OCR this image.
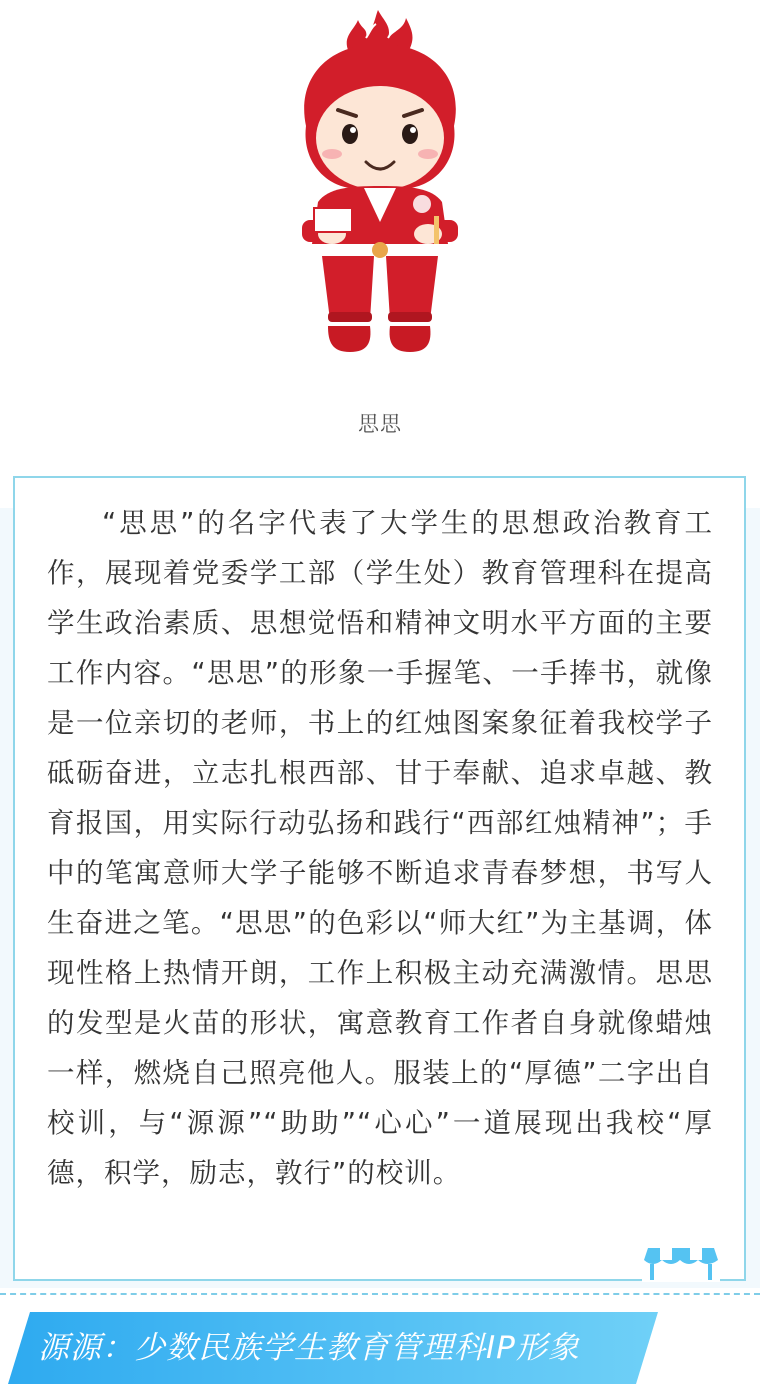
思思

“思思”的名字代表了大学生的思想政治教育工作，展现着党委学工部（学生处）教育管理科在提高学生政治素质、思想觉悟和精神文明水平方面的主要工作内容。“思思”的形象一手握笔、一手捧书，就像是一位亲切的老师，书上的红烛图案象征着我校学子砥砺奋进，立志扎根西部、甘于奉献、追求卓越、教育报国，用实际行动弘扬和践行“西部红烛精神”；手中的笔寓意师大学子能够不断追求青春梦想，书写人生奋进之笔。“思思”的色彩以“师大红”为主基调，体现性格上热情开朗，工作上积极主动充满激情。思思的发型是火苗的形状，寓意教育工作者自身就像蜡烛一样，燃烧自己照亮他人。服装上的“厚德”二字出自校训，与“源源”“助助”“心心”一道展现出我校“厚德，积学，励志，敦行”的校训。

源源：少数民族学生教育管理科IP形象
